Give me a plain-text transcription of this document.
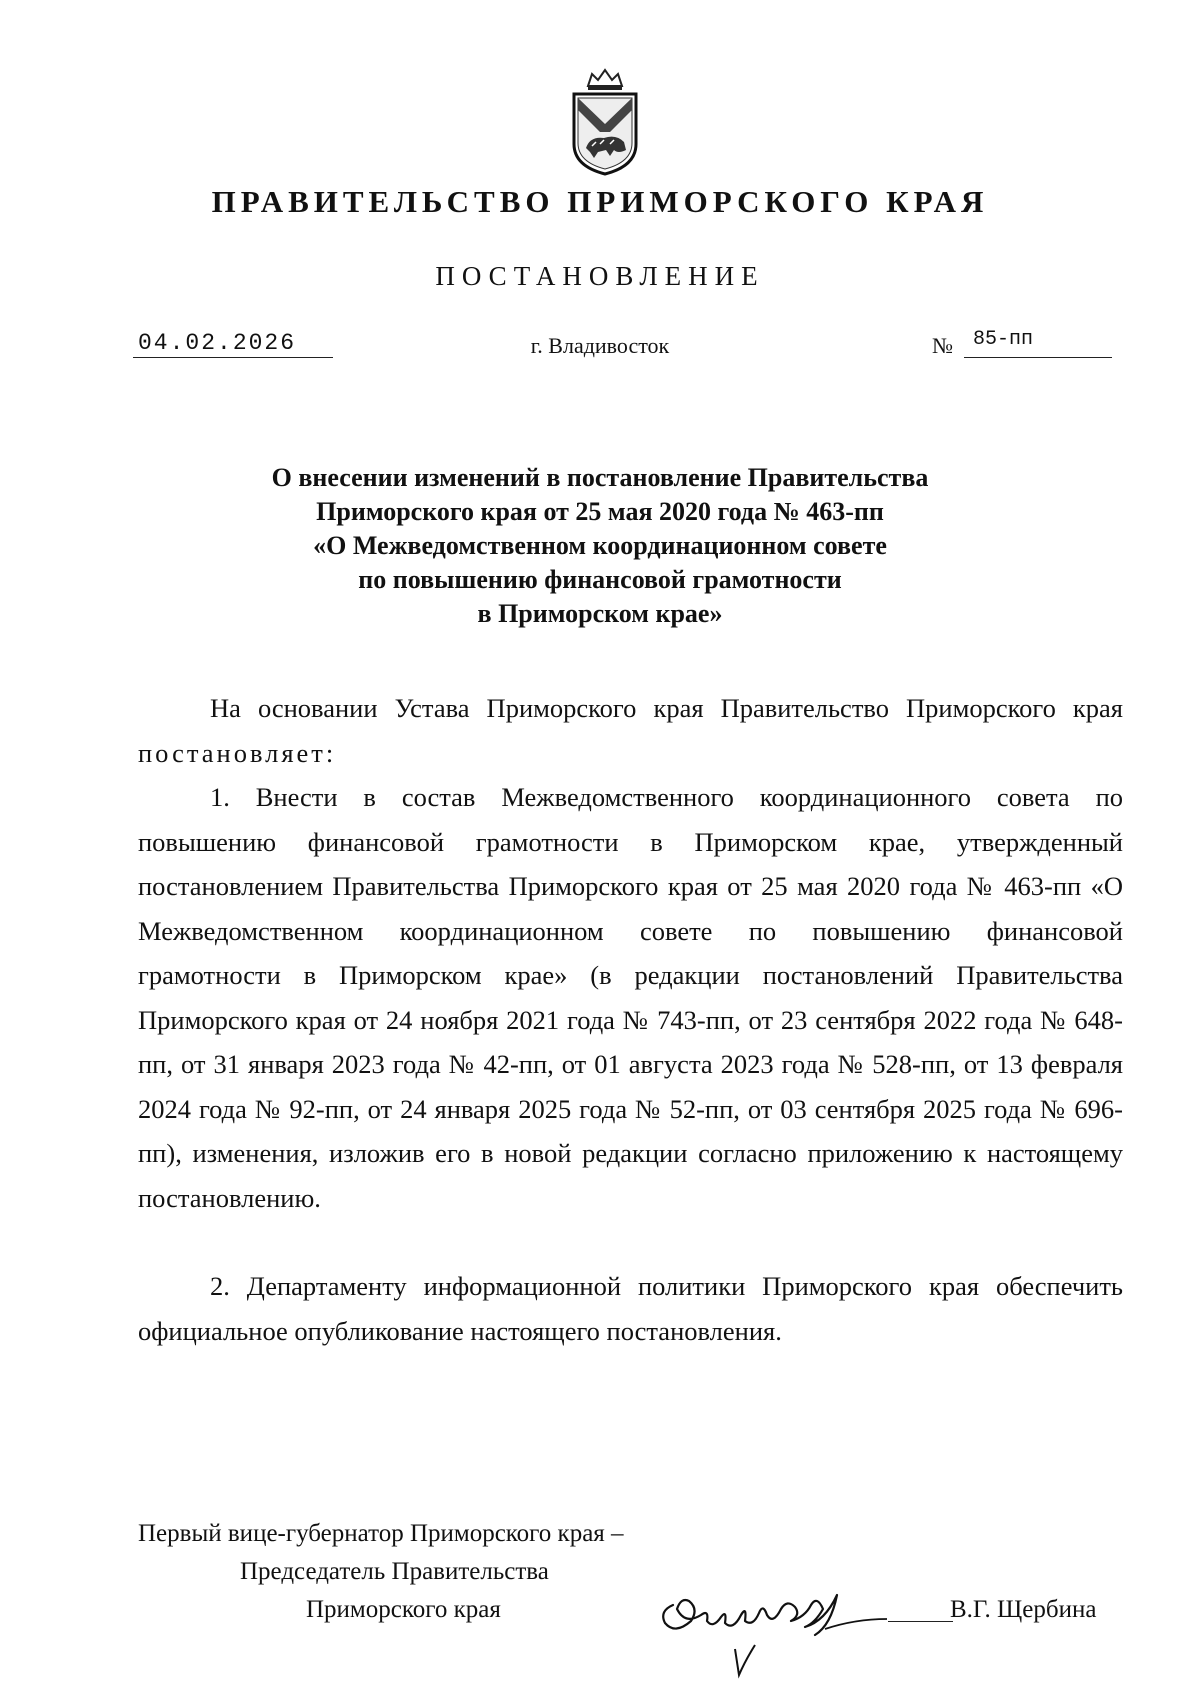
ПРАВИТЕЛЬСТВО ПРИМОРСКОГО КРАЯ
ПОСТАНОВЛЕНИЕ
04.02.2026	г. Владивосток	№ 85-пп
О внесении изменений в постановление Правительства
Приморского края от 25 мая 2020 года № 463-пп
«О Межведомственном координационном совете
по повышению финансовой грамотности
в Приморском крае»

На основании Устава Приморского края Правительство Приморского края постановляет:

1. Внести в состав Межведомственного координационного совета по повышению финансовой грамотности в Приморском крае, утвержденный постановлением Правительства Приморского края от 25 мая 2020 года № 463-пп «О Межведомственном координационном совете по повышению финансовой грамотности в Приморском крае» (в редакции постановлений Правительства Приморского края от 24 ноября 2021 года № 743-пп, от 23 сентября 2022 года № 648-пп, от 31 января 2023 года № 42-пп, от 01 августа 2023 года № 528-пп, от 13 февраля 2024 года № 92-пп, от 24 января 2025 года № 52-пп, от 03 сентября 2025 года № 696-пп), изменения, изложив его в новой редакции согласно приложению к настоящему постановлению.

2. Департаменту информационной политики Приморского края обеспечить официальное опубликование настоящего постановления.

Первый вице-губернатор Приморского края –
Председатель Правительства
Приморского края	В.Г. Щербина
